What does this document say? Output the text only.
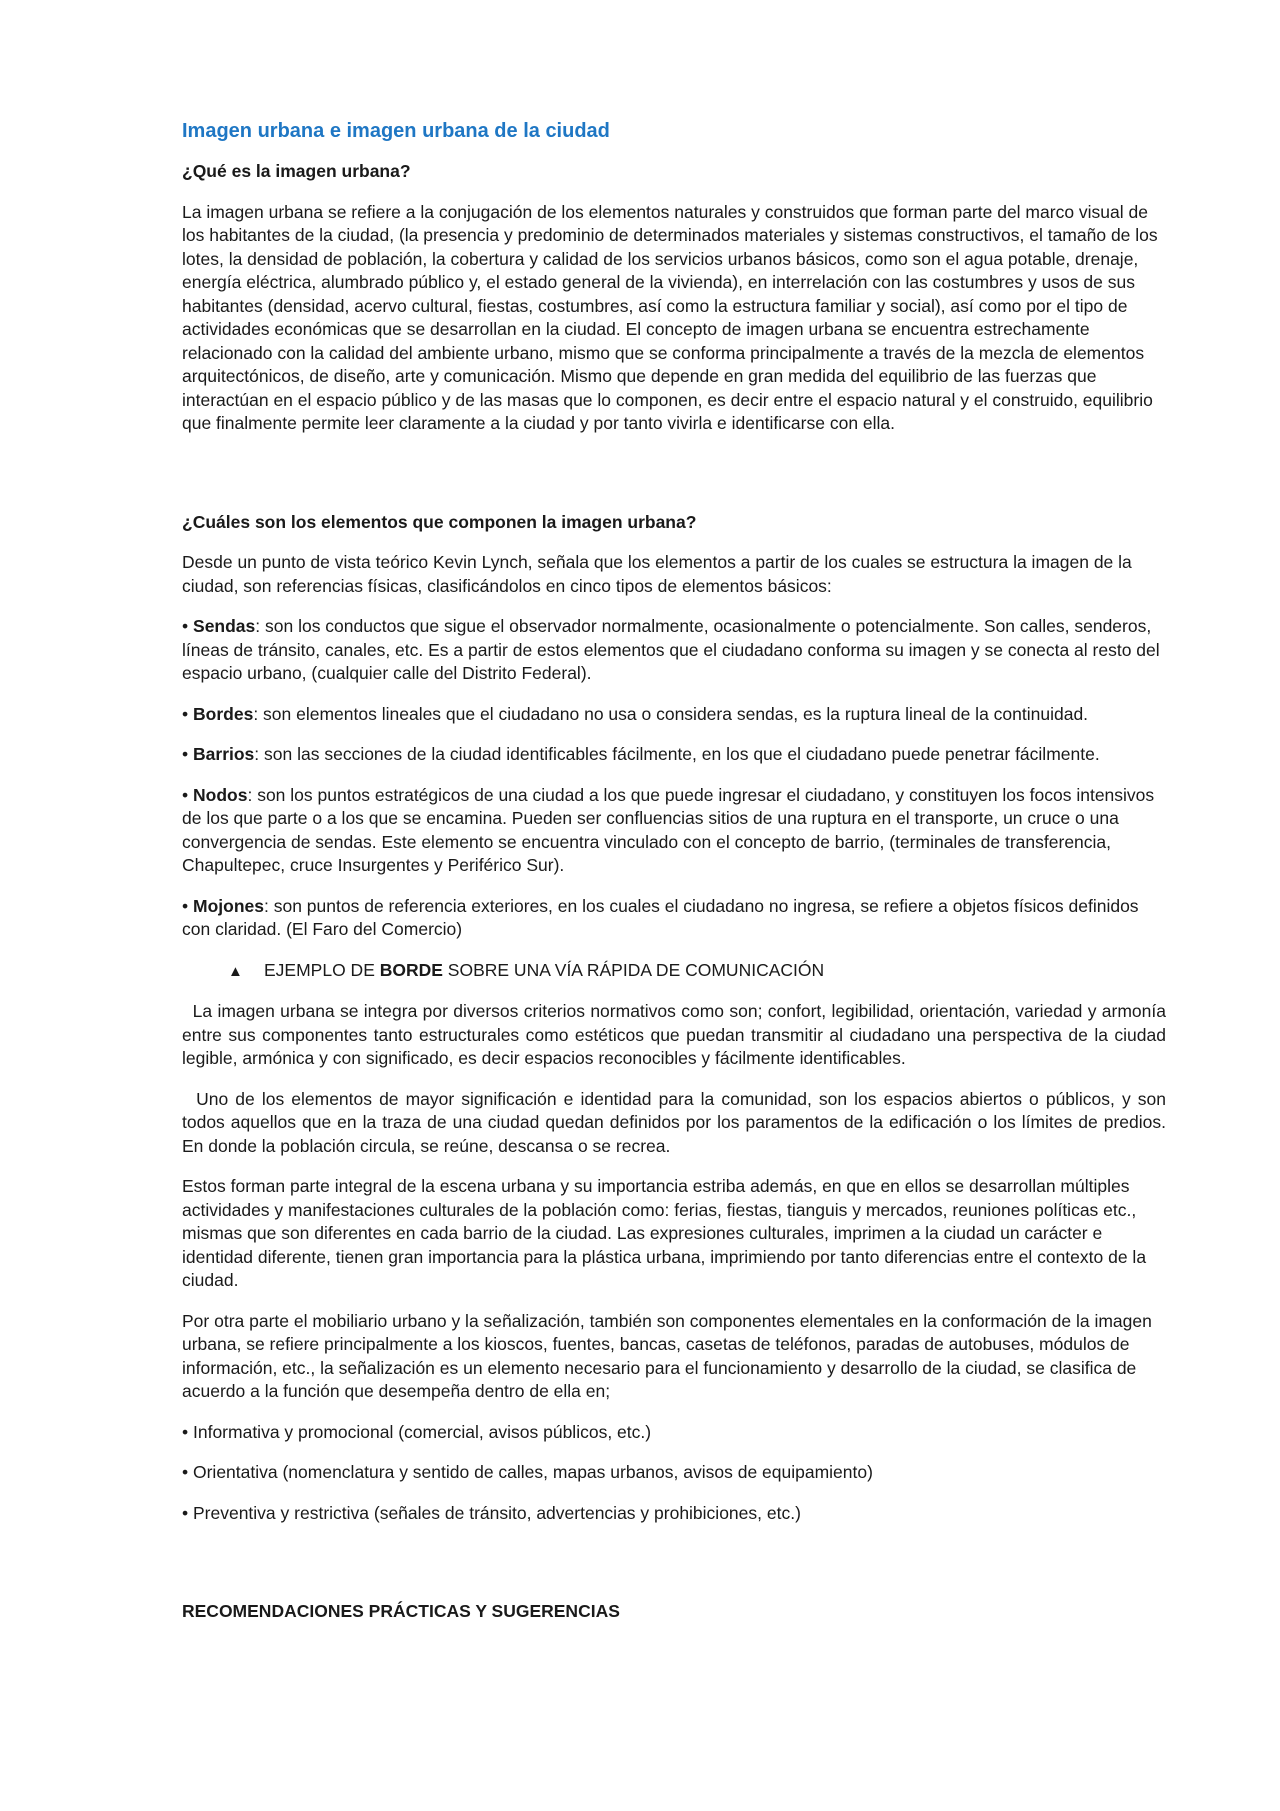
Imagen urbana e imagen urbana de la ciudad
¿Qué es la imagen urbana?

La imagen urbana se refiere a la conjugación de los elementos naturales y construidos que forman parte del marco visual de los habitantes de la ciudad, (la presencia y predominio de determinados materiales y sistemas constructivos, el tamaño de los lotes, la densidad de población, la cobertura y calidad de los servicios urbanos básicos, como son el agua potable, drenaje, energía eléctrica, alumbrado público y, el estado general de la vivienda), en interrelación con las costumbres y usos de sus habitantes (densidad, acervo cultural, fiestas, costumbres, así como la estructura familiar y social), así como por el tipo de actividades económicas que se desarrollan en la ciudad. El concepto de imagen urbana se encuentra estrechamente relacionado con la calidad del ambiente urbano, mismo que se conforma principalmente a través de la mezcla de elementos arquitectónicos, de diseño, arte y comunicación. Mismo que depende en gran medida del equilibrio de las fuerzas que interactúan en el espacio público y de las masas que lo componen, es decir entre el espacio natural y el construido, equilibrio que finalmente permite leer claramente a la ciudad y por tanto vivirla e identificarse con ella.

¿Cuáles son los elementos que componen la imagen urbana?

Desde un punto de vista teórico Kevin Lynch, señala que los elementos a partir de los cuales se estructura la imagen de la ciudad, son referencias físicas, clasificándolos en cinco tipos de elementos básicos:

• Sendas: son los conductos que sigue el observador normalmente, ocasionalmente o potencialmente. Son calles, senderos, líneas de tránsito, canales, etc. Es a partir de estos elementos que el ciudadano conforma su imagen y se conecta al resto del espacio urbano, (cualquier calle del Distrito Federal).

• Bordes: son elementos lineales que el ciudadano no usa o considera sendas, es la ruptura lineal de la continuidad.

• Barrios: son las secciones de la ciudad identificables fácilmente, en los que el ciudadano puede penetrar fácilmente.

• Nodos: son los puntos estratégicos de una ciudad a los que puede ingresar el ciudadano, y constituyen los focos intensivos de los que parte o a los que se encamina. Pueden ser confluencias sitios de una ruptura en el transporte, un cruce o una convergencia de sendas. Este elemento se encuentra vinculado con el concepto de barrio, (terminales de transferencia, Chapultepec, cruce Insurgentes y Periférico Sur).

• Mojones: son puntos de referencia exteriores, en los cuales el ciudadano no ingresa, se refiere a objetos físicos definidos con claridad. (El Faro del Comercio)

▲	EJEMPLO DE BORDE SOBRE UNA VÍA RÁPIDA DE COMUNICACIÓN

La imagen urbana se integra por diversos criterios normativos como son; confort, legibilidad, orientación, variedad y armonía entre sus componentes tanto estructurales como estéticos que puedan transmitir al ciudadano una perspectiva de la ciudad legible, armónica y con significado, es decir espacios reconocibles y fácilmente identificables.

Uno de los elementos de mayor significación e identidad para la comunidad, son los espacios abiertos o públicos, y son todos aquellos que en la traza de una ciudad quedan definidos por los paramentos de la edificación o los límites de predios. En donde la población circula, se reúne, descansa o se recrea.

Estos forman parte integral de la escena urbana y su importancia estriba además, en que en ellos se desarrollan múltiples actividades y manifestaciones culturales de la población como: ferias, fiestas, tianguis y mercados, reuniones políticas etc., mismas que son diferentes en cada barrio de la ciudad. Las expresiones culturales, imprimen a la ciudad un carácter e identidad diferente, tienen gran importancia para la plástica urbana, imprimiendo por tanto diferencias entre el contexto de la ciudad.

Por otra parte el mobiliario urbano y la señalización, también son componentes elementales en la conformación de la imagen urbana, se refiere principalmente a los kioscos, fuentes, bancas, casetas de teléfonos, paradas de autobuses, módulos de información, etc., la señalización es un elemento necesario para el funcionamiento y desarrollo de la ciudad, se clasifica de acuerdo a la función que desempeña dentro de ella en;

• Informativa y promocional (comercial, avisos públicos, etc.)

• Orientativa (nomenclatura y sentido de calles, mapas urbanos, avisos de equipamiento)

• Preventiva y restrictiva (señales de tránsito, advertencias y prohibiciones, etc.)

RECOMENDACIONES PRÁCTICAS Y SUGERENCIAS
